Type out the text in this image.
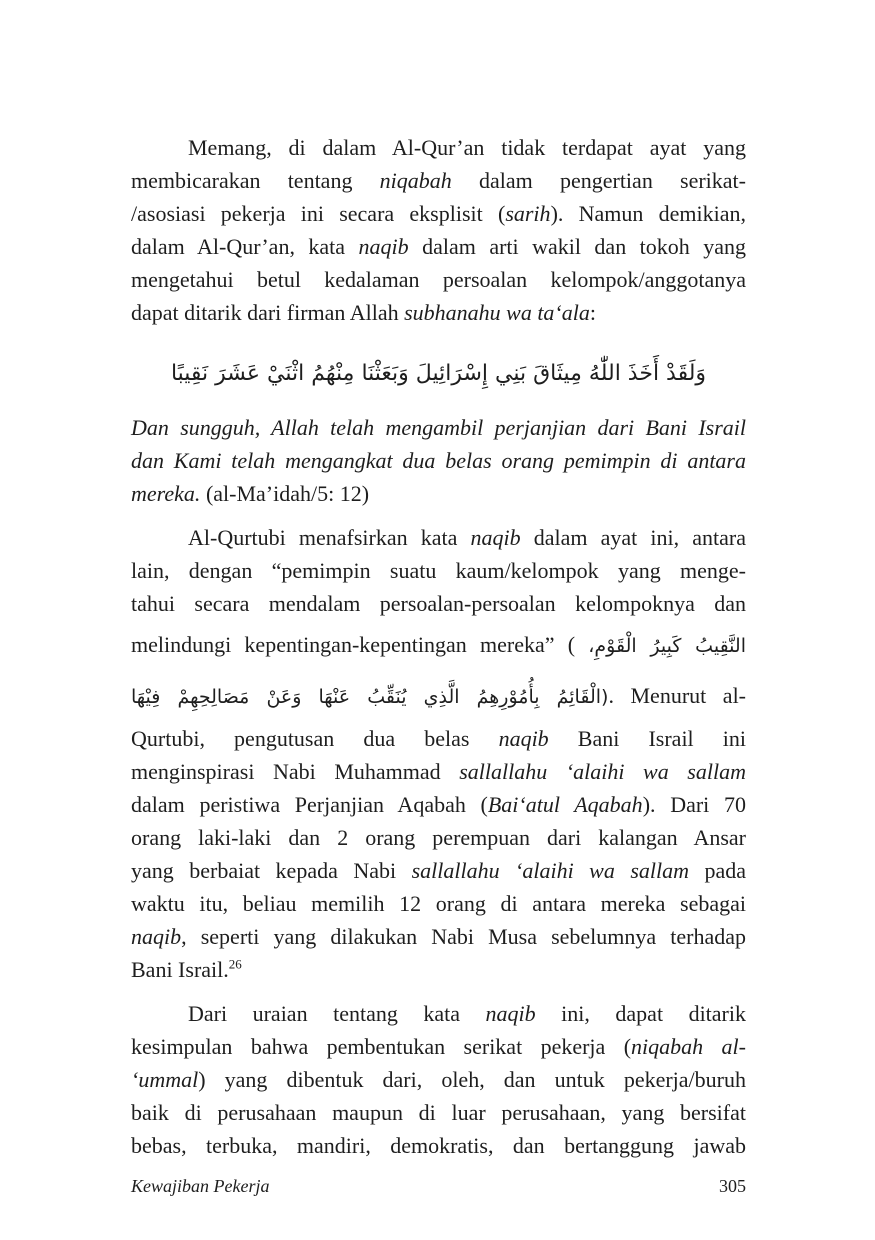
Memang, di dalam Al-Qur’an tidak terdapat ayat yang
membicarakan tentang niqabah dalam pengertian serikat-
/asosiasi pekerja ini secara eksplisit (sarih). Namun demikian,
dalam Al-Qur’an, kata naqib dalam arti wakil dan tokoh yang
mengetahui betul kedalaman persoalan kelompok/anggotanya
dapat ditarik dari firman Allah subhanahu wa ta‘ala:
وَلَقَدْ أَخَذَ اللّٰهُ مِيثَاقَ بَنِي إِسْرَائِيلَ وَبَعَثْنَا مِنْهُمُ اثْنَيْ عَشَرَ نَقِيبًا
Dan sungguh, Allah telah mengambil perjanjian dari Bani Israil
dan Kami telah mengangkat dua belas orang pemimpin di antara
mereka. (al-Ma’idah/5: 12)
Al-Qurtubi menafsirkan kata naqib dalam ayat ini, antara
lain, dengan “pemimpin suatu kaum/kelompok yang menge-
tahui secara mendalam persoalan-persoalan kelompoknya dan
melindungi kepentingan-kepentingan mereka” ( النَّقِيبُ كَبِيرُ الْقَوْمِ،
(الْقَائِمُ بِأُمُوْرِهِمُ الَّذِي يُنَقِّبُ عَنْهَا وَعَنْ مَصَالِحِهِمْ فِيْهَا. Menurut al-
Qurtubi, pengutusan dua belas naqib Bani Israil ini
menginspirasi Nabi Muhammad sallallahu ‘alaihi wa sallam
dalam peristiwa Perjanjian Aqabah (Bai‘atul Aqabah). Dari 70
orang laki-laki dan 2 orang perempuan dari kalangan Ansar
yang berbaiat kepada Nabi sallallahu ‘alaihi wa sallam pada
waktu itu, beliau memilih 12 orang di antara mereka sebagai
naqib, seperti yang dilakukan Nabi Musa sebelumnya terhadap
Bani Israil.$^{26}$
Dari uraian tentang kata naqib ini, dapat ditarik
kesimpulan bahwa pembentukan serikat pekerja (niqabah al-
‘ummal) yang dibentuk dari, oleh, dan untuk pekerja/buruh
baik di perusahaan maupun di luar perusahaan, yang bersifat
bebas, terbuka, mandiri, demokratis, dan bertanggung jawab
Kewajiban Pekerja	305
